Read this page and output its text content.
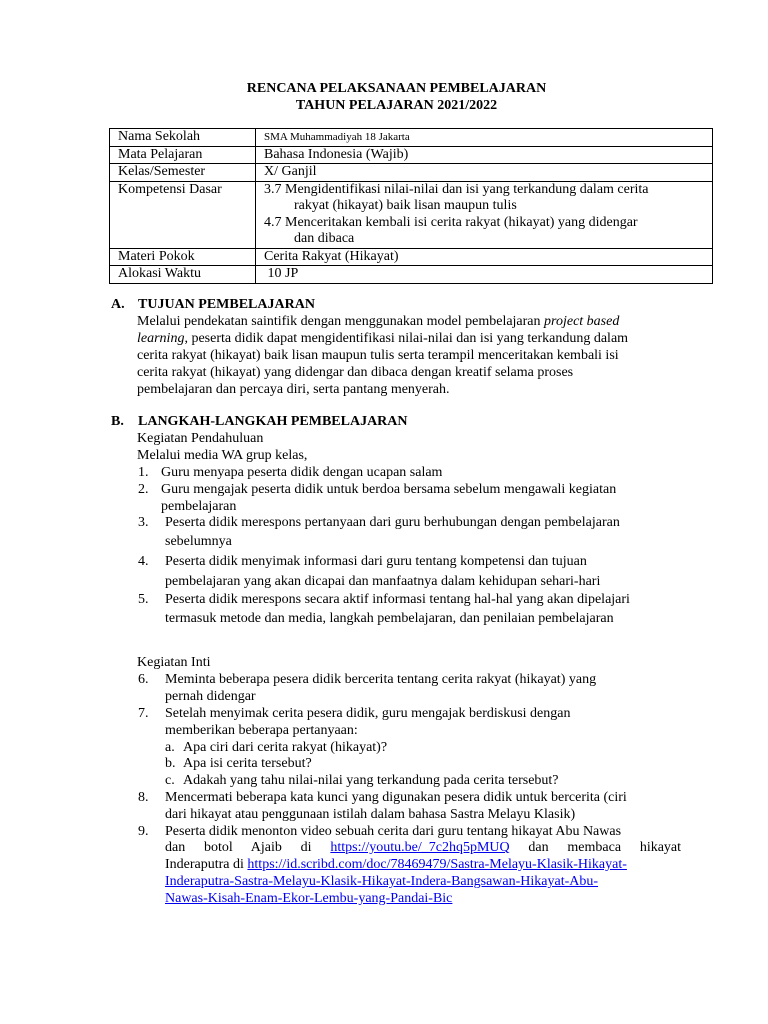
RENCANA PELAKSANAAN PEMBELAJARAN
TAHUN PELAJARAN 2021/2022
Nama Sekolah	SMA Muhammadiyah 18 Jakarta
Mata Pelajaran	Bahasa Indonesia (Wajib)
Kelas/Semester	X/ Ganjil
Kompetensi Dasar	3.7 Mengidentifikasi nilai-nilai dan isi yang terkandung dalam cerita
rakyat (hikayat) baik lisan maupun tulis
4.7 Menceritakan kembali isi cerita rakyat (hikayat) yang didengar
dan dibaca

Materi Pokok	Cerita Rakyat (Hikayat)
Alokasi Waktu	10 JP
A. TUJUAN PEMBELAJARAN
Melalui pendekatan saintifik dengan menggunakan model pembelajaran project based
learning, peserta didik dapat mengidentifikasi nilai-nilai dan isi yang terkandung dalam
cerita rakyat (hikayat) baik lisan maupun tulis serta terampil menceritakan kembali isi
cerita rakyat (hikayat) yang didengar dan dibaca dengan kreatif selama proses
pembelajaran dan percaya diri, serta pantang menyerah.
B. LANGKAH-LANGKAH PEMBELAJARAN
Kegiatan Pendahuluan
Melalui media WA grup kelas,
1. Guru menyapa peserta didik dengan ucapan salam
2. Guru mengajak peserta didik untuk berdoa bersama sebelum mengawali kegiatan
pembelajaran
3. Peserta didik merespons pertanyaan dari guru berhubungan dengan pembelajaran
sebelumnya
4. Peserta didik menyimak informasi dari guru tentang kompetensi dan tujuan
pembelajaran yang akan dicapai dan manfaatnya dalam kehidupan sehari-hari
5. Peserta didik merespons secara aktif informasi tentang hal-hal yang akan dipelajari
termasuk metode dan media, langkah pembelajaran, dan penilaian pembelajaran
Kegiatan Inti
6. Meminta beberapa pesera didik bercerita tentang cerita rakyat (hikayat) yang
pernah didengar
7. Setelah menyimak cerita pesera didik, guru mengajak berdiskusi dengan
memberikan beberapa pertanyaan:
a. Apa ciri dari cerita rakyat (hikayat)?
b. Apa isi cerita tersebut?
c. Adakah yang tahu nilai-nilai yang terkandung pada cerita tersebut?
8. Mencermati beberapa kata kunci yang digunakan pesera didik untuk bercerita (ciri
dari hikayat atau penggunaan istilah dalam bahasa Sastra Melayu Klasik)
9. Peserta didik menonton video sebuah cerita dari guru tentang hikayat Abu Nawas
dan botol Ajaib di https://youtu.be/_7c2hq5pMUQ dan membaca hikayat
Inderaputra di https://id.scribd.com/doc/78469479/Sastra-Melayu-Klasik-Hikayat-
Inderaputra-Sastra-Melayu-Klasik-Hikayat-Indera-Bangsawan-Hikayat-Abu-
Nawas-Kisah-Enam-Ekor-Lembu-yang-Pandai-Bic
